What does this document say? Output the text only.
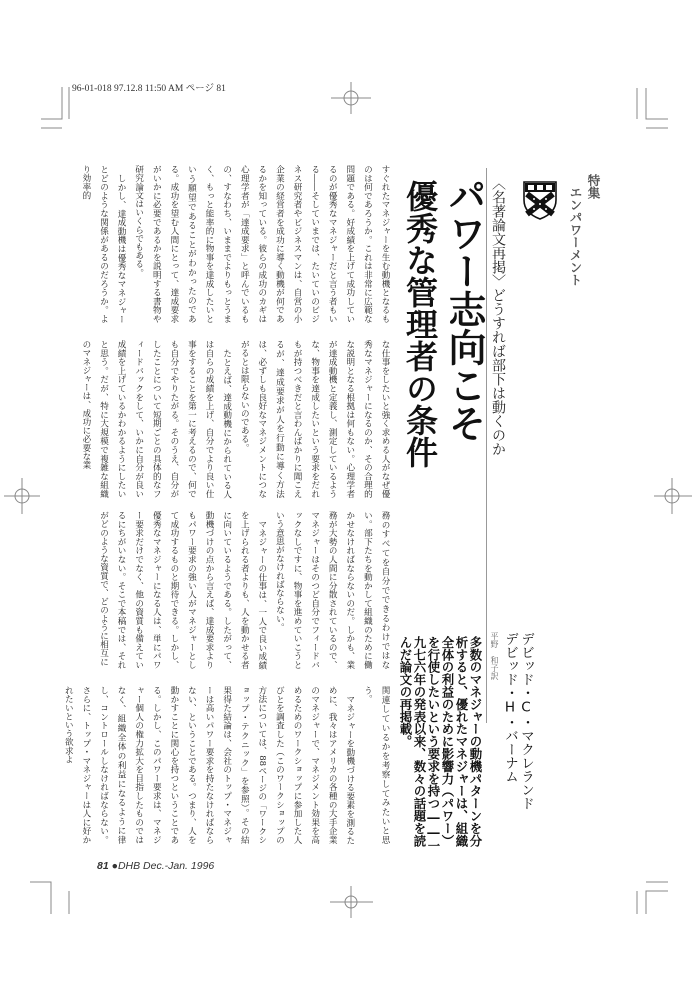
96-01-018 97.12.8 11:50 AM ページ 81
特集
エンパワーメント
〈名著論文再掲〉どうすれば部下は動くのか
パワー志向こそ
優秀な管理者の条件
デビッド・C・マクレランド
デビッド・H・バーナム
平野　和子訳
多数のマネジャーの動機パターンを分析すると、優れたマネジャーは、組織全体の利益のために影響力（パワー）を行使したいという要求を持つ――一九七六年の発表以来、数々の話題を読んだ論文の再掲載。

すぐれたマネジャーを生む動機となるものは何であろうか。これは非常に広範な問題である。好成績を上げて成功しているのが優秀なマネジャーだと言う者もいる――そしていまでは、たいていのビジネス研究者やビジネスマンは、自営の小企業の経営者を成功に導く動機が何であるかを知っている。彼らの成功のカギは心理学者が「達成要求」と呼んでいるもの、すなわち、いままでよりもっとうまく、もっと能率的に物事を達成したいという願望であることがわかったのである。成功を望む人間にとって、達成要求がいかに必要であるかを説明する書物や研究論文はいくらでもある。

しかし、達成動機は優秀なマネジャーとどのような関係があるのだろうか。より効率的

な仕事をしたいと強く求める人がなぜ優秀なマネジャーになるのか、その合理的な説明となる根拠は何もない。心理学者が達成動機と定義し、測定しているような、物事を達成したいという要求をだれもが持つべきだと言わんばかりに聞こえるが、達成要求が人を行動に導く方法は、必ずしも良好なマネジメントにつながるとは限らないのである。

たとえば、達成動機にかられている人は自らの成績を上げ、自分でより良い仕事をすることを第一に考えるので、何でも自分でやりたがる。そのうえ、自分がしたことについて短期ごとの具体的なフィードバックをして、いかに自分が良い成績を上げているかわかるようにしたいと思う。だが、特に大規模で複雑な組織のマネジャーは、成功に必要な業

務のすべてを自分でできるわけではない。部下たちを動かして組織のために働かせなければならないのだ。しかも、業務が大勢の人間に分散されているので、マネジャーはそのつど自分でフィードバックなしですに、物事を進めていこうという意思がなければならない。

マネジャーの仕事は、一人で良い成績を上げられる者よりも、人を動かせる者に向いているようである。したがって、動機づけの点から言えば、達成要求よりもパワー要求の強い人がマネジャーとして成功するものと期待できる。しかし、優秀なマネジャーになる人は、単にパワー要求だけでなく、他の資質も備えているにちがいない。そこで本稿では、それがどのような資質で、どのように相互に

関連しているかを考察してみたいと思う。

マネジャーを動機づける要素を測るために、我々はアメリカの各種の大手企業のマネジャーで、マネジメント効果を高めるためのワークショップに参加した人びとを調査した（このワークショップの方法については、88ページの「ワークショップ・テクニック」を参照）。その結果得た結論は、会社のトップ・マネジャーは高いパワー要求を持たなければならない、ということである。つまり、人を動かすことに関心を持つということである。しかし、このパワー要求は、マネジャー個人の権力拡大を目指したものではなく、組織全体の利益になるように律し、コントロールしなければならない。さらに、トップ・マネジャーは人に好かれたいという欲求よ

81 ●DHB Dec.-Jan. 1996
